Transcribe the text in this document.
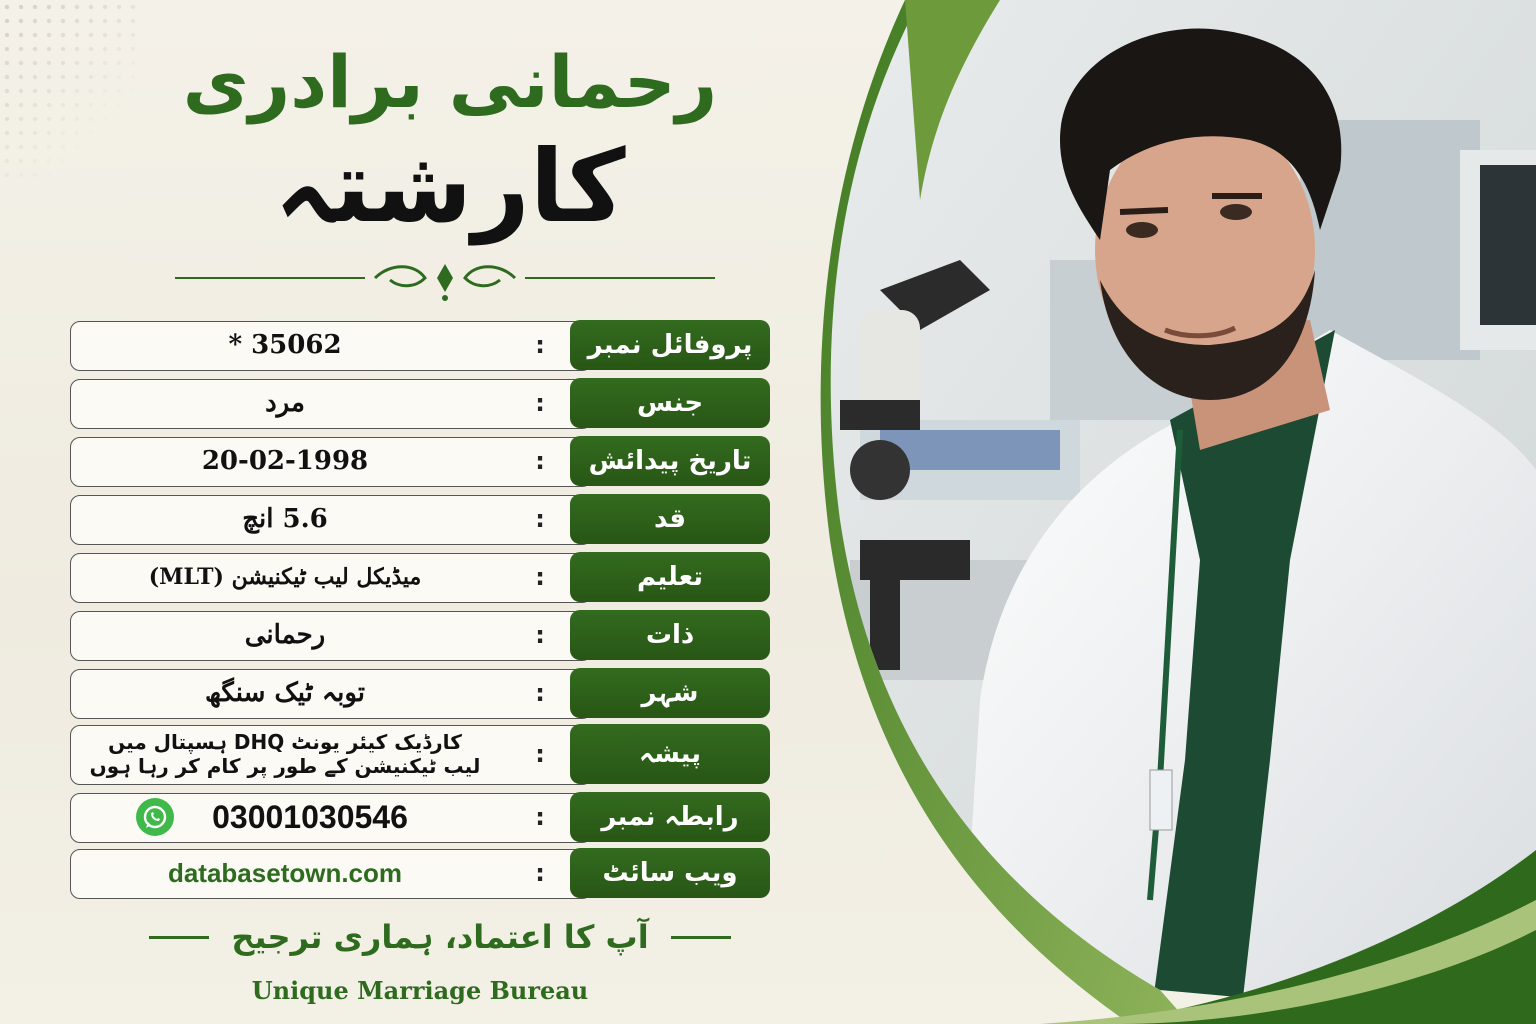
رحمانی برادری
کارشتہ
* 35062	:	پروفائل نمبر
مرد	:	جنس
20-02-1998	:	تاریخ پیدائش
5.6 انچ	:	قد
میڈیکل لیب ٹیکنیشن (MLT)	:	تعلیم
رحمانی	:	ذات
توبہ ٹیک سنگھ	:	شہر
کارڈیک کیئر یونٹ DHQ ہسپتال میں
لیب ٹیکنیشن کے طور پر کام کر رہا ہوں :	پیشہ
03001030546	:	رابطہ نمبر
databasetown.com	:	ویب سائٹ
آپ کا اعتماد، ہماری ترجیح
Unique Marriage Bureau
